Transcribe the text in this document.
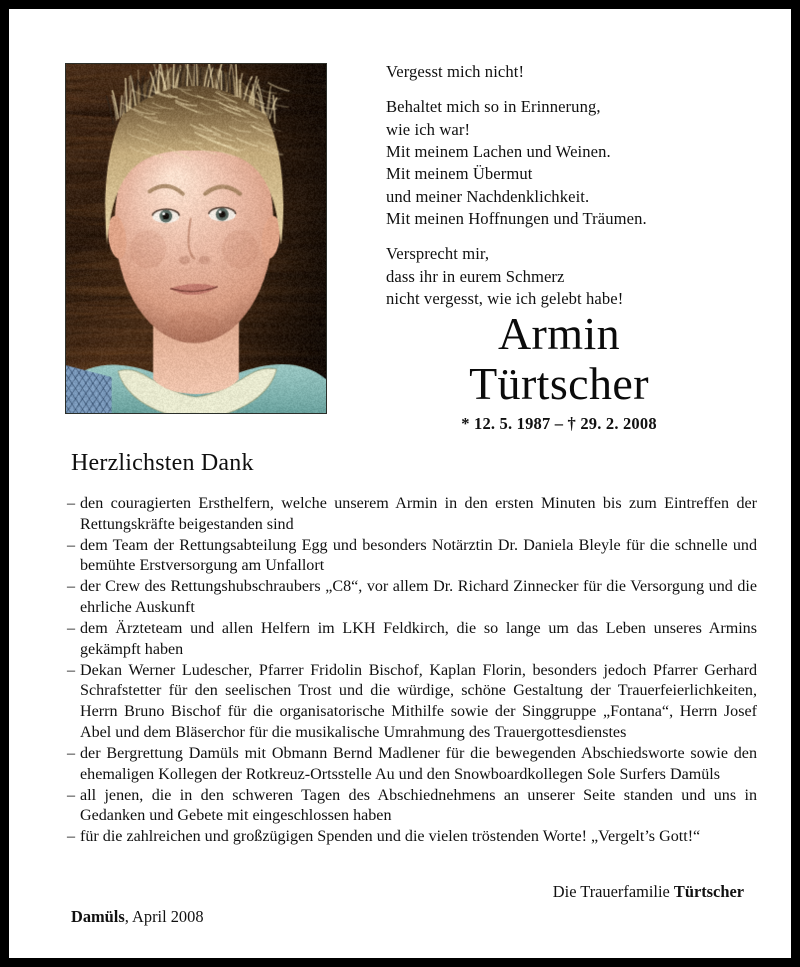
Vergesst mich nicht!
Behaltet mich so in Erinnerung,
wie ich war!
Mit meinem Lachen und Weinen.
Mit meinem Übermut
und meiner Nachdenklichkeit.
Mit meinen Hoffnungen und Träumen.
Versprecht mir,
dass ihr in eurem Schmerz
nicht vergesst, wie ich gelebt habe!
Armin
Türtscher
* 12. 5. 1987 – † 29. 2. 2008
Herzlichsten Dank
– den couragierten Ersthelfern, welche unserem Armin in den ersten Minuten bis zum Eintreffen der Rettungskräfte beigestanden sind
– dem Team der Rettungsabteilung Egg und besonders Notärztin Dr. Daniela Bleyle für die schnelle und bemühte Erstversorgung am Unfallort
– der Crew des Rettungshubschraubers „C8“, vor allem Dr. Richard Zinnecker für die Versorgung und die ehrliche Auskunft
– dem Ärzteteam und allen Helfern im LKH Feldkirch, die so lange um das Leben unseres Armins gekämpft haben
– Dekan Werner Ludescher, Pfarrer Fridolin Bischof, Kaplan Florin, besonders jedoch Pfarrer Gerhard Schrafstetter für den seelischen Trost und die würdige, schöne Gestaltung der Trauerfeierlichkeiten, Herrn Bruno Bischof für die organisatorische Mithilfe sowie der Singgruppe „Fontana“, Herrn Josef Abel und dem Bläserchor für die musikalische Umrahmung des Trauergottesdienstes
– der Bergrettung Damüls mit Obmann Bernd Madlener für die bewegenden Abschiedsworte sowie den ehemaligen Kollegen der Rotkreuz-Ortsstelle Au und den Snowboardkollegen Sole Surfers Damüls
– all jenen, die in den schweren Tagen des Abschiednehmens an unserer Seite standen und uns in Gedanken und Gebete mit eingeschlossen haben
– für die zahlreichen und großzügigen Spenden und die vielen tröstenden Worte! „Vergelt’s Gott!“
Die Trauerfamilie Türtscher
Damüls, April 2008
